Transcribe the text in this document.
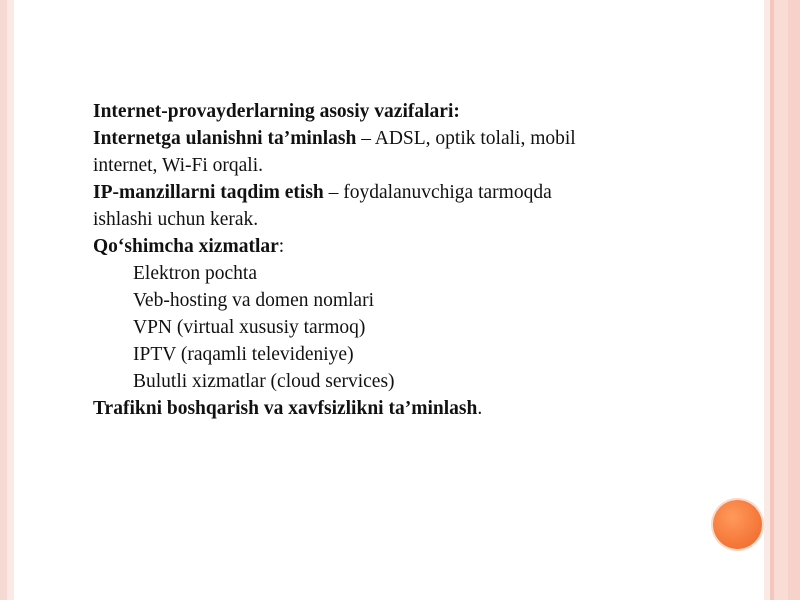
Internet-provayderlarning asosiy vazifalari:
Internetga ulanishni ta’minlash – ADSL, optik tolali, mobil
internet, Wi-Fi orqali.
IP-manzillarni taqdim etish – foydalanuvchiga tarmoqda
ishlashi uchun kerak.
Qo‘shimcha xizmatlar:
Elektron pochta
Veb-hosting va domen nomlari
VPN (virtual xususiy tarmoq)
IPTV (raqamli televideniye)
Bulutli xizmatlar (cloud services)
Trafikni boshqarish va xavfsizlikni ta’minlash.
